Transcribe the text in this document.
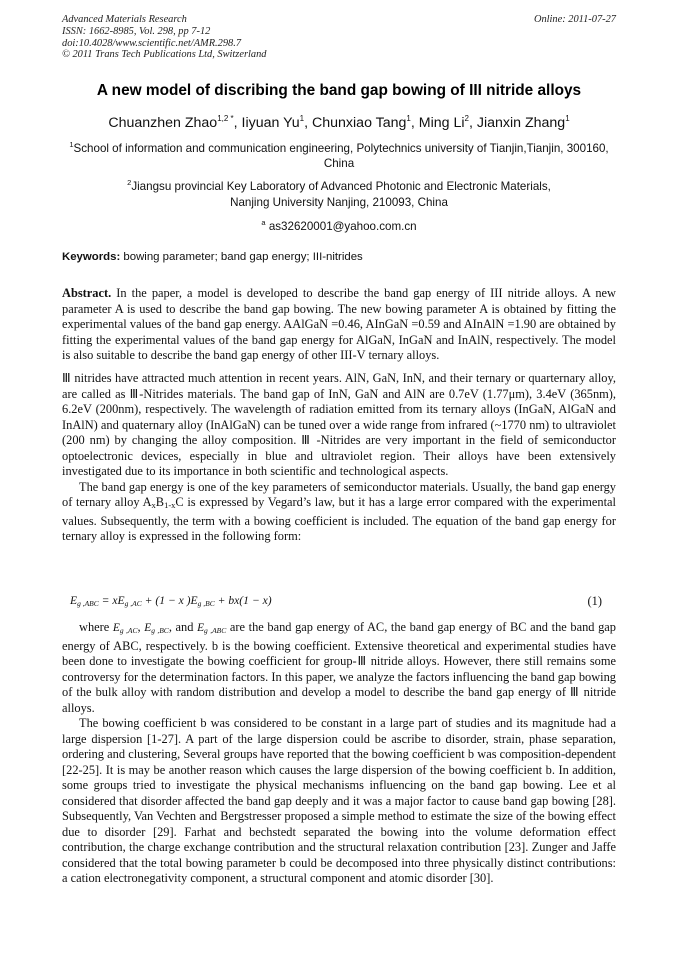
Advanced Materials Research
ISSN: 1662-8985, Vol. 298, pp 7-12
doi:10.4028/www.scientific.net/AMR.298.7
© 2011 Trans Tech Publications Ltd, Switzerland
Online: 2011-07-27
A new model of discribing the band gap bowing of III nitride alloys
Chuanzhen Zhao$^{1,2 *}$, Iiyuan Yu$^1$, Chunxiao Tang$^1$, Ming Li$^2$, Jianxin Zhang$^1$
$^1$School of information and communication engineering, Polytechnics university of Tianjin,Tianjin, 300160, China
$^2$Jiangsu provincial Key Laboratory of Advanced Photonic and Electronic Materials,
Nanjing University Nanjing, 210093, China
$^a$ as32620001@yahoo.com.cn
Keywords: bowing parameter; band gap energy; III-nitrides

Abstract. In the paper, a model is developed to describe the band gap energy of III nitride alloys. A new parameter A is used to describe the band gap bowing. The new bowing parameter A is obtained by fitting the experimental values of the band gap energy. AAlGaN =0.46, AInGaN =0.59 and AInAlN =1.90 are obtained by fitting the experimental values of the band gap energy for AlGaN, InGaN and InAlN, respectively. The model is also suitable to describe the band gap energy of other III-V ternary alloys.

Ⅲ nitrides have attracted much attention in recent years. AlN, GaN, InN, and their ternary or quarternary alloy, are called as Ⅲ-Nitrides materials. The band gap of InN, GaN and AlN are 0.7eV (1.77μm), 3.4eV (365nm), 6.2eV (200nm), respectively. The wavelength of radiation emitted from its ternary alloys (InGaN, AlGaN and InAlN) and quaternary alloy (InAlGaN) can be tuned over a wide range from infrared (~1770 nm) to ultraviolet (200 nm) by changing the alloy composition. Ⅲ -Nitrides are very important in the field of semiconductor optoelectronic devices, especially in blue and ultraviolet region. Their alloys have been extensively investigated due to its importance in both scientific and technological aspects.

The band gap energy is one of the key parameters of semiconductor materials. Usually, the band gap energy of ternary alloy $A_xB_{1-x}C$ is expressed by Vegard’s law, but it has a large error compared with the experimental values. Subsequently, the term with a bowing coefficient is included. The equation of the band gap energy for ternary alloy is expressed in the following form:

$E_{g ,ABC} = xE_{g ,AC} + (1 - x$ )$E_{g ,BC} + bx(1 - x)$	(1)

where $E_{g ,AC}$, $E_{g ,BC}$, and $E_{g ,ABC}$ are the band gap energy of AC, the band gap energy of BC and the band gap energy of ABC, respectively. b is the bowing coefficient. Extensive theoretical and experimental studies have been done to investigate the bowing coefficient for group-Ⅲ nitride alloys. However, there still remains some controversy for the determination factors. In this paper, we analyze the factors influencing the band gap bowing of the bulk alloy with random distribution and develop a model to describe the band gap energy of Ⅲ nitride alloys.

The bowing coefficient b was considered to be constant in a large part of studies and its magnitude had a large dispersion [1-27]. A part of the large dispersion could be ascribe to disorder, strain, phase separation, ordering and clustering, Several groups have reported that the bowing coefficient b was composition-dependent [22-25]. It is may be another reason which causes the large dispersion of the bowing coefficient b. In addition, some groups tried to investigate the physical mechanisms influencing on the band gap bowing. Lee et al considered that disorder affected the band gap deeply and it was a major factor to cause band gap bowing [28]. Subsequently, Van Vechten and Bergstresser proposed a simple method to estimate the size of the bowing effect due to disorder [29]. Farhat and bechstedt separated the bowing into the volume deformation effect contribution, the charge exchange contribution and the structural relaxation contribution [23]. Zunger and Jaffe considered that the total bowing parameter b could be decomposed into three physically distinct contributions: a cation electronegativity component, a structural component and atomic disorder [30].
